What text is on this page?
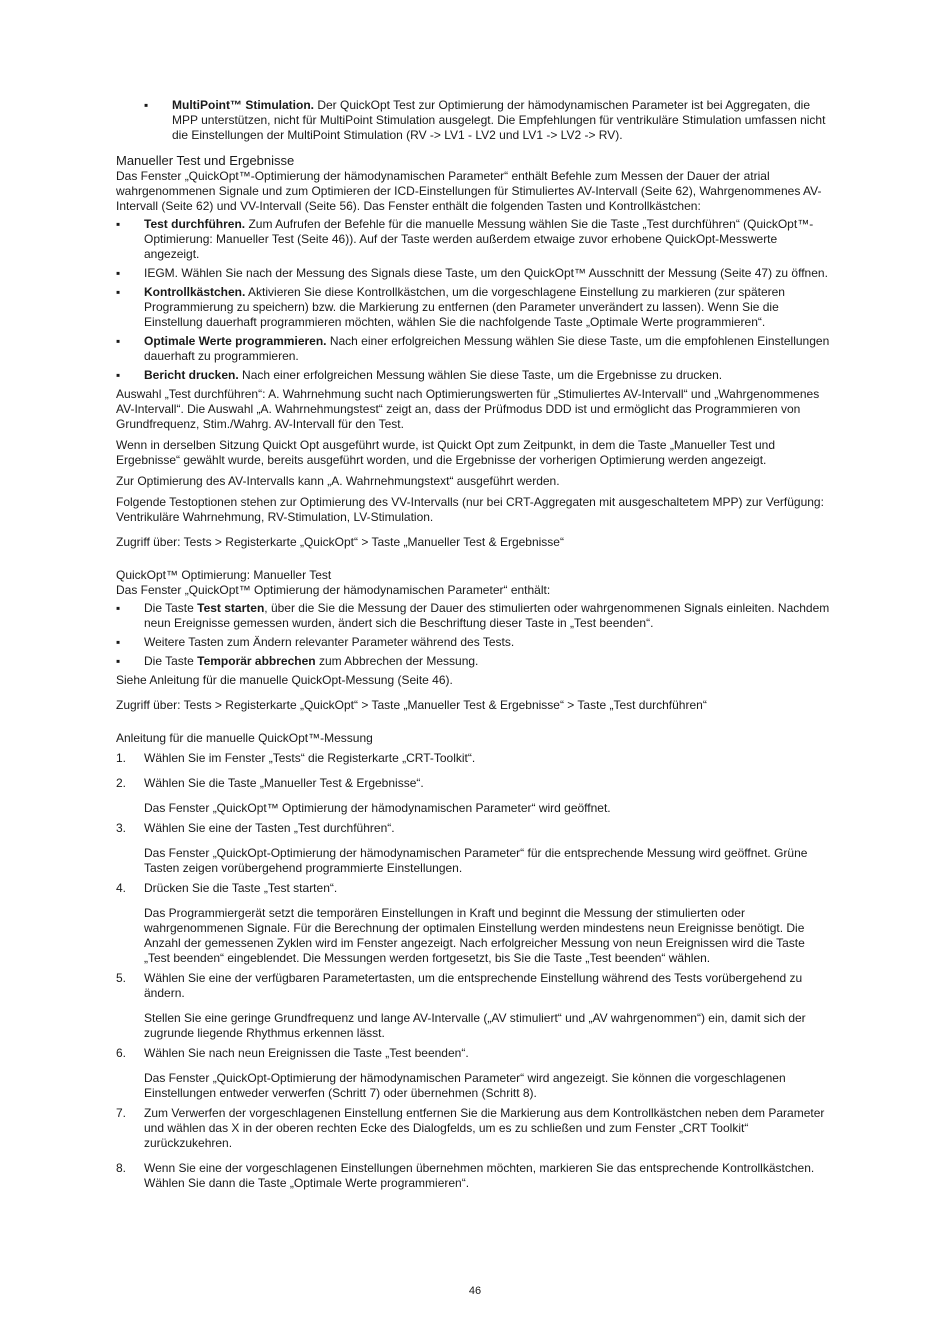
▪ MultiPoint™ Stimulation. Der QuickOpt Test zur Optimierung der hämodynamischen Parameter ist bei Aggregaten, die MPP unterstützen, nicht für MultiPoint Stimulation ausgelegt. Die Empfehlungen für ventrikuläre Stimulation umfassen nicht die Einstellungen der MultiPoint Stimulation (RV -> LV1 - LV2 und LV1 -> LV2 -> RV).

Manueller Test und Ergebnisse

Das Fenster „QuickOpt™-Optimierung der hämodynamischen Parameter“ enthält Befehle zum Messen der Dauer der atrial wahrgenommenen Signale und zum Optimieren der ICD-Einstellungen für Stimuliertes AV-Intervall (Seite 62), Wahrgenommenes AV-Intervall (Seite 62) und VV-Intervall (Seite 56). Das Fenster enthält die folgenden Tasten und Kontrollkästchen:

▪ Test durchführen. Zum Aufrufen der Befehle für die manuelle Messung wählen Sie die Taste „Test durchführen“ (QuickOpt™-Optimierung: Manueller Test (Seite 46)). Auf der Taste werden außerdem etwaige zuvor erhobene QuickOpt-Messwerte angezeigt.
▪ IEGM. Wählen Sie nach der Messung des Signals diese Taste, um den QuickOpt™ Ausschnitt der Messung (Seite 47) zu öffnen.
▪ Kontrollkästchen. Aktivieren Sie diese Kontrollkästchen, um die vorgeschlagene Einstellung zu markieren (zur späteren Programmierung zu speichern) bzw. die Markierung zu entfernen (den Parameter unverändert zu lassen). Wenn Sie die Einstellung dauerhaft programmieren möchten, wählen Sie die nachfolgende Taste „Optimale Werte programmieren“.
▪ Optimale Werte programmieren. Nach einer erfolgreichen Messung wählen Sie diese Taste, um die empfohlenen Einstellungen dauerhaft zu programmieren.
▪ Bericht drucken. Nach einer erfolgreichen Messung wählen Sie diese Taste, um die Ergebnisse zu drucken.

Auswahl „Test durchführen“: A. Wahrnehmung sucht nach Optimierungswerten für „Stimuliertes AV-Intervall“ und „Wahrgenommenes AV-Intervall“. Die Auswahl „A. Wahrnehmungstest“ zeigt an, dass der Prüfmodus DDD ist und ermöglicht das Programmieren von Grundfrequenz, Stim./Wahrg. AV-Intervall für den Test.

Wenn in derselben Sitzung Quickt Opt ausgeführt wurde, ist Quickt Opt zum Zeitpunkt, in dem die Taste „Manueller Test und Ergebnisse“ gewählt wurde, bereits ausgeführt worden, und die Ergebnisse der vorherigen Optimierung werden angezeigt.

Zur Optimierung des AV-Intervalls kann „A. Wahrnehmungstext“ ausgeführt werden.

Folgende Testoptionen stehen zur Optimierung des VV-Intervalls (nur bei CRT-Aggregaten mit ausgeschaltetem MPP) zur Verfügung: Ventrikuläre Wahrnehmung, RV-Stimulation, LV-Stimulation.

Zugriff über: Tests > Registerkarte „QuickOpt“ > Taste „Manueller Test & Ergebnisse“

QuickOpt™ Optimierung: Manueller Test

Das Fenster „QuickOpt™ Optimierung der hämodynamischen Parameter“ enthält:

▪ Die Taste Test starten, über die Sie die Messung der Dauer des stimulierten oder wahrgenommenen Signals einleiten. Nachdem neun Ereignisse gemessen wurden, ändert sich die Beschriftung dieser Taste in „Test beenden“.
▪ Weitere Tasten zum Ändern relevanter Parameter während des Tests.
▪ Die Taste Temporär abbrechen zum Abbrechen der Messung.

Siehe Anleitung für die manuelle QuickOpt-Messung (Seite 46).

Zugriff über: Tests > Registerkarte „QuickOpt“ > Taste „Manueller Test & Ergebnisse“ > Taste „Test durchführen“

Anleitung für die manuelle QuickOpt™-Messung

1. Wählen Sie im Fenster „Tests“ die Registerkarte „CRT-Toolkit“.
2. Wählen Sie die Taste „Manueller Test & Ergebnisse“.
Das Fenster „QuickOpt™ Optimierung der hämodynamischen Parameter“ wird geöffnet.
3. Wählen Sie eine der Tasten „Test durchführen“.
Das Fenster „QuickOpt-Optimierung der hämodynamischen Parameter“ für die entsprechende Messung wird geöffnet. Grüne Tasten zeigen vorübergehend programmierte Einstellungen.
4. Drücken Sie die Taste „Test starten“.
Das Programmiergerät setzt die temporären Einstellungen in Kraft und beginnt die Messung der stimulierten oder wahrgenommenen Signale. Für die Berechnung der optimalen Einstellung werden mindestens neun Ereignisse benötigt. Die Anzahl der gemessenen Zyklen wird im Fenster angezeigt. Nach erfolgreicher Messung von neun Ereignissen wird die Taste „Test beenden“ eingeblendet. Die Messungen werden fortgesetzt, bis Sie die Taste „Test beenden“ wählen.
5. Wählen Sie eine der verfügbaren Parametertasten, um die entsprechende Einstellung während des Tests vorübergehend zu ändern.
Stellen Sie eine geringe Grundfrequenz und lange AV-Intervalle („AV stimuliert“ und „AV wahrgenommen“) ein, damit sich der zugrunde liegende Rhythmus erkennen lässt.
6. Wählen Sie nach neun Ereignissen die Taste „Test beenden“.
Das Fenster „QuickOpt-Optimierung der hämodynamischen Parameter“ wird angezeigt. Sie können die vorgeschlagenen Einstellungen entweder verwerfen (Schritt 7) oder übernehmen (Schritt 8).
7. Zum Verwerfen der vorgeschlagenen Einstellung entfernen Sie die Markierung aus dem Kontrollkästchen neben dem Parameter und wählen das X in der oberen rechten Ecke des Dialogfelds, um es zu schließen und zum Fenster „CRT Toolkit“ zurückzukehren.
8. Wenn Sie eine der vorgeschlagenen Einstellungen übernehmen möchten, markieren Sie das entsprechende Kontrollkästchen. Wählen Sie dann die Taste „Optimale Werte programmieren“.
46
